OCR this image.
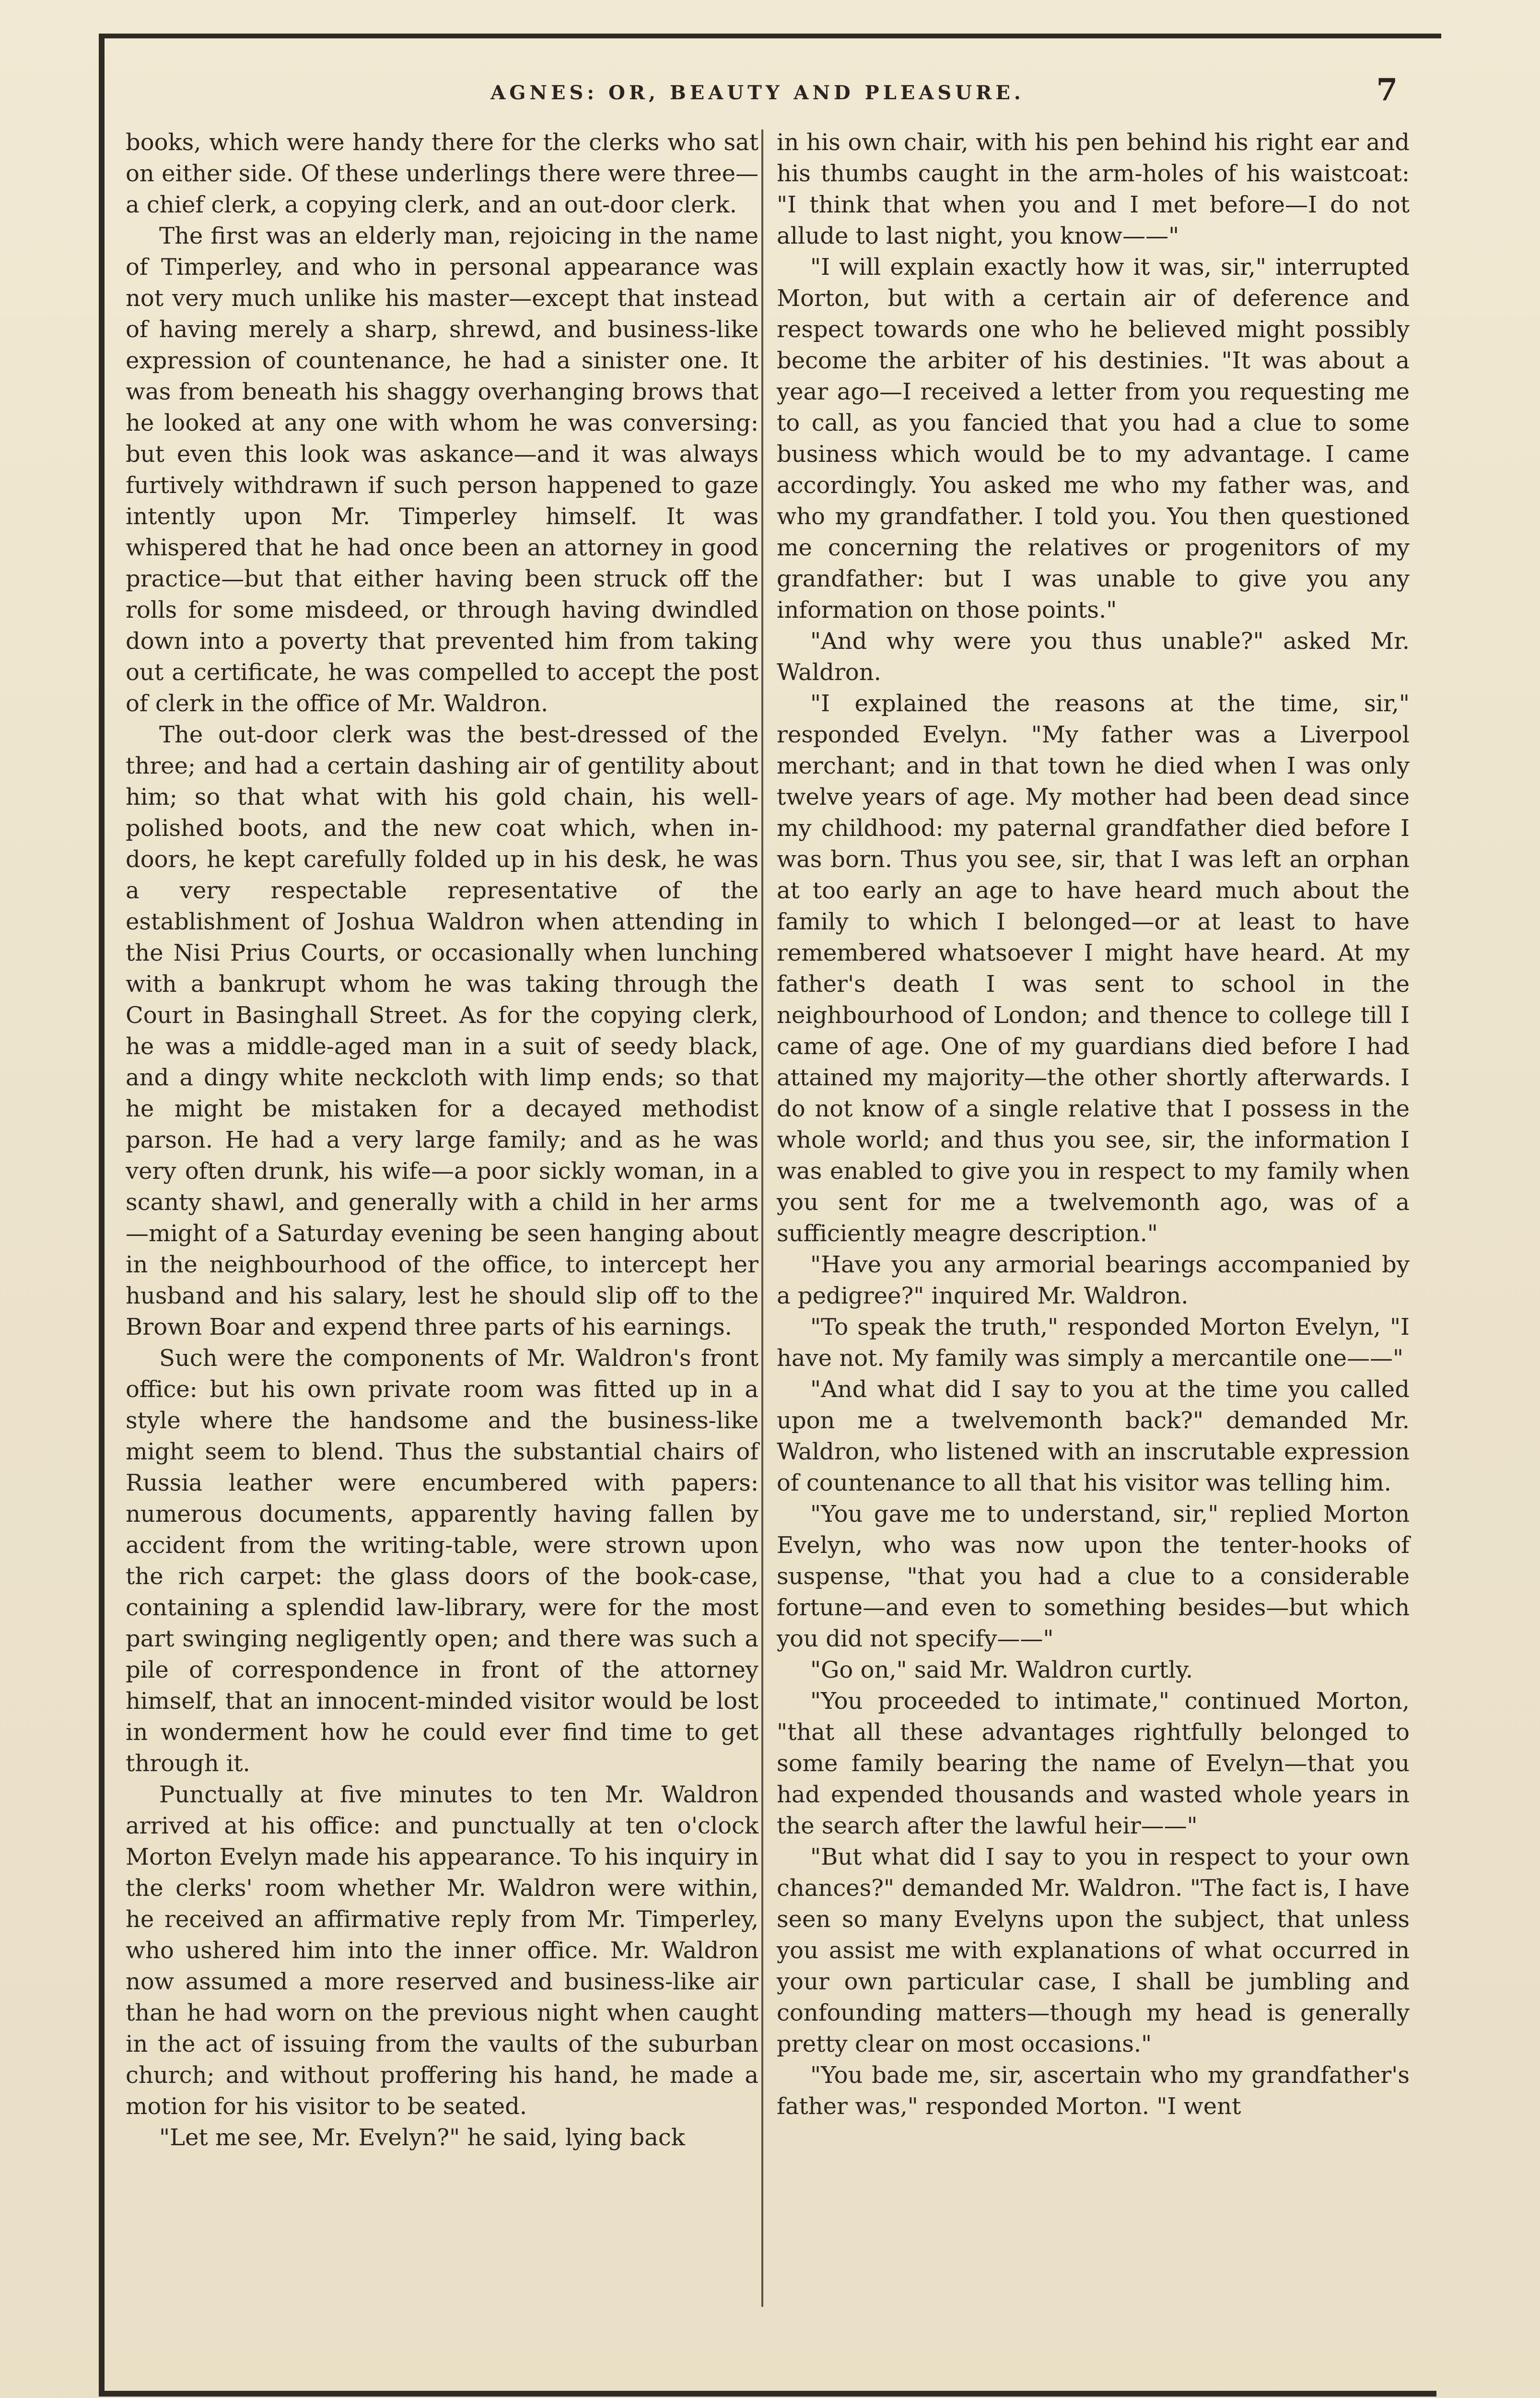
AGNES: OR, BEAUTY AND PLEASURE.	7

books, which were handy there for the clerks who sat on either side. Of these underlings there were three—a chief clerk, a copying clerk, and an out-door clerk.

The first was an elderly man, rejoicing in the name of Timperley, and who in personal appearance was not very much unlike his master—except that instead of having merely a sharp, shrewd, and business-like expression of countenance, he had a sinister one. It was from beneath his shaggy overhanging brows that he looked at any one with whom he was conversing: but even this look was askance—and it was always furtively withdrawn if such person happened to gaze intently upon Mr. Timperley himself. It was whispered that he had once been an attorney in good practice—but that either having been struck off the rolls for some misdeed, or through having dwindled down into a poverty that prevented him from taking out a certificate, he was compelled to accept the post of clerk in the office of Mr. Waldron.

The out-door clerk was the best-dressed of the three; and had a certain dashing air of gentility about him; so that what with his gold chain, his well-polished boots, and the new coat which, when in-doors, he kept carefully folded up in his desk, he was a very respectable representative of the establishment of Joshua Waldron when attending in the Nisi Prius Courts, or occasionally when lunching with a bankrupt whom he was taking through the Court in Basinghall Street. As for the copying clerk, he was a middle-aged man in a suit of seedy black, and a dingy white neckcloth with limp ends; so that he might be mistaken for a decayed methodist parson. He had a very large family; and as he was very often drunk, his wife—a poor sickly woman, in a scanty shawl, and generally with a child in her arms—might of a Saturday evening be seen hanging about in the neighbourhood of the office, to intercept her husband and his salary, lest he should slip off to the Brown Boar and expend three parts of his earnings.

Such were the components of Mr. Waldron's front office: but his own private room was fitted up in a style where the handsome and the business-like might seem to blend. Thus the substantial chairs of Russia leather were encumbered with papers: numerous documents, apparently having fallen by accident from the writing-table, were strown upon the rich carpet: the glass doors of the book-case, containing a splendid law-library, were for the most part swinging negligently open; and there was such a pile of correspondence in front of the attorney himself, that an innocent-minded visitor would be lost in wonderment how he could ever find time to get through it.

Punctually at five minutes to ten Mr. Waldron arrived at his office: and punctually at ten o'clock Morton Evelyn made his appearance. To his inquiry in the clerks' room whether Mr. Waldron were within, he received an affirmative reply from Mr. Timperley, who ushered him into the inner office. Mr. Waldron now assumed a more reserved and business-like air than he had worn on the previous night when caught in the act of issuing from the vaults of the suburban church; and without proffering his hand, he made a motion for his visitor to be seated.

"Let me see, Mr. Evelyn?" he said, lying back

in his own chair, with his pen behind his right ear and his thumbs caught in the arm-holes of his waistcoat: "I think that when you and I met before—I do not allude to last night, you know——"

"I will explain exactly how it was, sir," interrupted Morton, but with a certain air of deference and respect towards one who he believed might possibly become the arbiter of his destinies. "It was about a year ago—I received a letter from you requesting me to call, as you fancied that you had a clue to some business which would be to my advantage. I came accordingly. You asked me who my father was, and who my grandfather. I told you. You then questioned me concerning the relatives or progenitors of my grandfather: but I was unable to give you any information on those points."

"And why were you thus unable?" asked Mr. Waldron.

"I explained the reasons at the time, sir," responded Evelyn. "My father was a Liverpool merchant; and in that town he died when I was only twelve years of age. My mother had been dead since my childhood: my paternal grandfather died before I was born. Thus you see, sir, that I was left an orphan at too early an age to have heard much about the family to which I belonged—or at least to have remembered whatsoever I might have heard. At my father's death I was sent to school in the neighbourhood of London; and thence to college till I came of age. One of my guardians died before I had attained my majority—the other shortly afterwards. I do not know of a single relative that I possess in the whole world; and thus you see, sir, the information I was enabled to give you in respect to my family when you sent for me a twelvemonth ago, was of a sufficiently meagre description."

"Have you any armorial bearings accompanied by a pedigree?" inquired Mr. Waldron.

"To speak the truth," responded Morton Evelyn, "I have not. My family was simply a mercantile one——"

"And what did I say to you at the time you called upon me a twelvemonth back?" demanded Mr. Waldron, who listened with an inscrutable expression of countenance to all that his visitor was telling him.

"You gave me to understand, sir," replied Morton Evelyn, who was now upon the tenter-hooks of suspense, "that you had a clue to a considerable fortune—and even to something besides—but which you did not specify——"

"Go on," said Mr. Waldron curtly.

"You proceeded to intimate," continued Morton, "that all these advantages rightfully belonged to some family bearing the name of Evelyn—that you had expended thousands and wasted whole years in the search after the lawful heir——"

"But what did I say to you in respect to your own chances?" demanded Mr. Waldron. "The fact is, I have seen so many Evelyns upon the subject, that unless you assist me with explanations of what occurred in your own particular case, I shall be jumbling and confounding matters—though my head is generally pretty clear on most occasions."

"You bade me, sir, ascertain who my grandfather's father was," responded Morton. "I went
